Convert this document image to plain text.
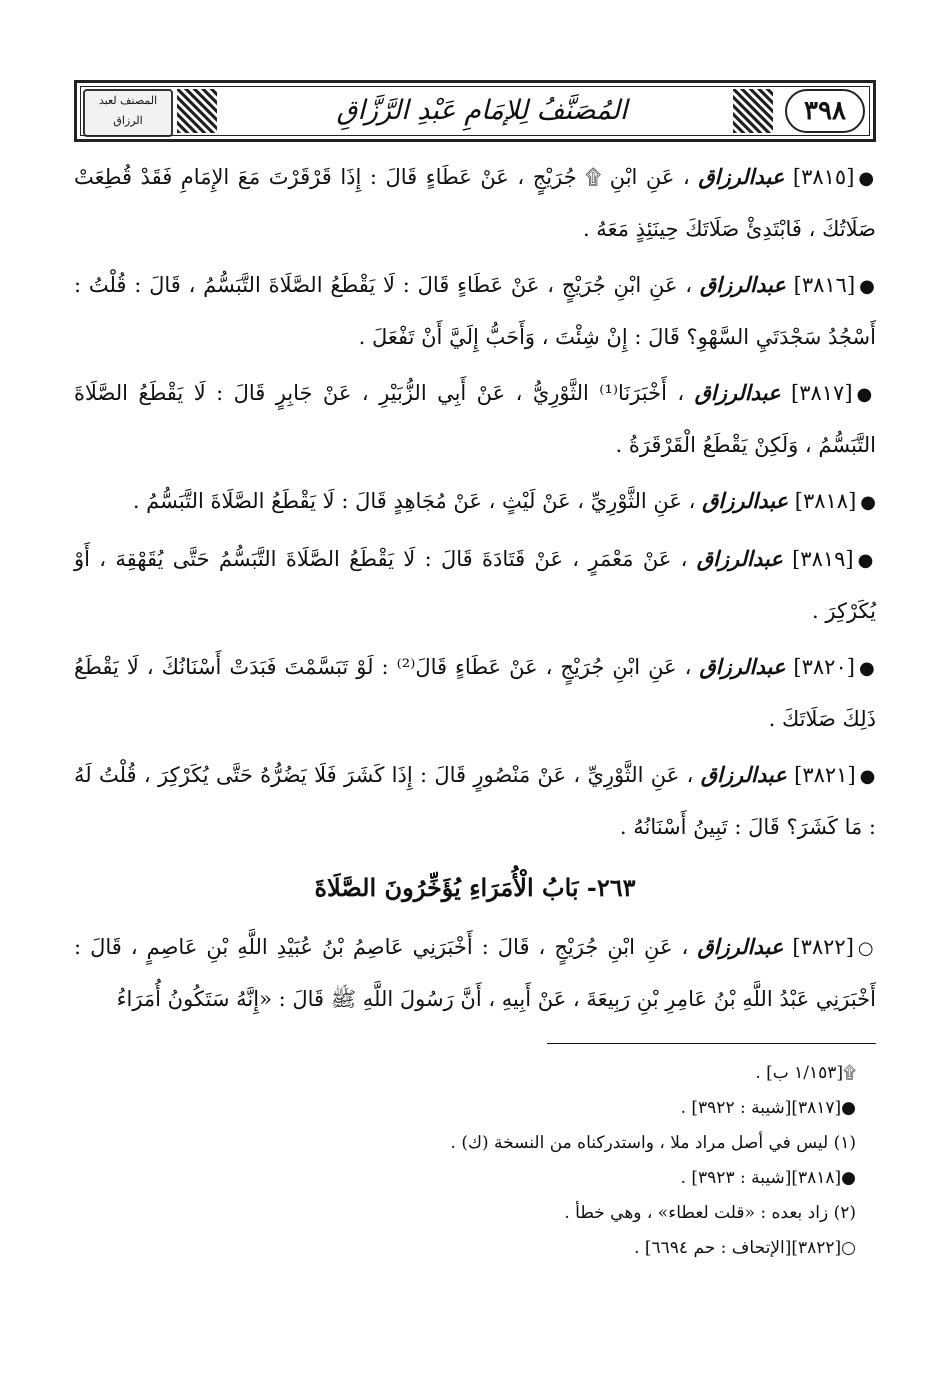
المصنف لعبد الرزاق	المُصَنَّفُ لِلإمَامِ عَبْدِ الرَّزَّاقِ	٣٩٨

●[٣٨١٥] عبدالرزاق ، عَنِ ابْنِ ۩ جُرَيْجٍ ، عَنْ عَطَاءٍ قَالَ : إِذَا قَرْقَرْتَ مَعَ الإِمَامِ فَقَدْ قُطِعَتْ صَلَاتُكَ ، فَابْتَدِئْ صَلَاتَكَ حِينَئِذٍ مَعَهُ .

●[٣٨١٦] عبدالرزاق ، عَنِ ابْنِ جُرَيْجٍ ، عَنْ عَطَاءٍ قَالَ : لَا يَقْطَعُ الصَّلَاةَ التَّبَسُّمُ ، قَالَ : قُلْتُ : أَسْجُدُ سَجْدَتَيِ السَّهْوِ؟ قَالَ : إِنْ شِئْتَ ، وَأَحَبُّ إِلَيَّ أَنْ تَفْعَلَ .

●[٣٨١٧] عبدالرزاق ، أَخْبَرَنَا⁽¹⁾ الثَّوْرِيُّ ، عَنْ أَبِي الزُّبَيْرِ ، عَنْ جَابِرٍ قَالَ : لَا يَقْطَعُ الصَّلَاةَ التَّبَسُّمُ ، وَلَكِنْ يَقْطَعُ الْقَرْقَرَةُ .

●[٣٨١٨] عبدالرزاق ، عَنِ الثَّوْرِيِّ ، عَنْ لَيْثٍ ، عَنْ مُجَاهِدٍ قَالَ : لَا يَقْطَعُ الصَّلَاةَ التَّبَسُّمُ .

●[٣٨١٩] عبدالرزاق ، عَنْ مَعْمَرٍ ، عَنْ قَتَادَةَ قَالَ : لَا يَقْطَعُ الصَّلَاةَ التَّبَسُّمُ حَتَّى يُقَهْقِهَ ، أَوْ يُكَرْكِرَ .

●[٣٨٢٠] عبدالرزاق ، عَنِ ابْنِ جُرَيْجٍ ، عَنْ عَطَاءٍ قَالَ⁽²⁾ : لَوْ تَبَسَّمْتَ فَبَدَتْ أَسْنَانُكَ ، لَا يَقْطَعُ ذَلِكَ صَلَاتَكَ .

●[٣٨٢١] عبدالرزاق ، عَنِ الثَّوْرِيِّ ، عَنْ مَنْصُورٍ قَالَ : إِذَا كَشَرَ فَلَا يَضُرُّهُ حَتَّى يُكَرْكِرَ ، قُلْتُ لَهُ : مَا كَشَرَ؟ قَالَ : تَبِينُ أَسْنَانُهُ .

٢٦٣- بَابُ الْأُمَرَاءِ يُؤَخِّرُونَ الصَّلَاةَ

○[٣٨٢٢] عبدالرزاق ، عَنِ ابْنِ جُرَيْجٍ ، قَالَ : أَخْبَرَنِي عَاصِمُ بْنُ عُبَيْدِ اللَّهِ بْنِ عَاصِمٍ ، قَالَ : أَخْبَرَنِي عَبْدُ اللَّهِ بْنُ عَامِرِ بْنِ رَبِيعَةَ ، عَنْ أَبِيهِ ، أَنَّ رَسُولَ اللَّهِ ﷺ قَالَ : «إِنَّهُ سَتَكُونُ أُمَرَاءُ

۩[١/١٥٣ ب] .

●[٣٨١٧][شيبة : ٣٩٢٢] .

(١) ليس في أصل مراد ملا ، واستدركناه من النسخة (ك) .

●[٣٨١٨][شيبة : ٣٩٢٣] .

(٢) زاد بعده : «قلت لعطاء» ، وهي خطأ .

○[٣٨٢٢][الإتحاف : حم ٦٦٩٤] .
